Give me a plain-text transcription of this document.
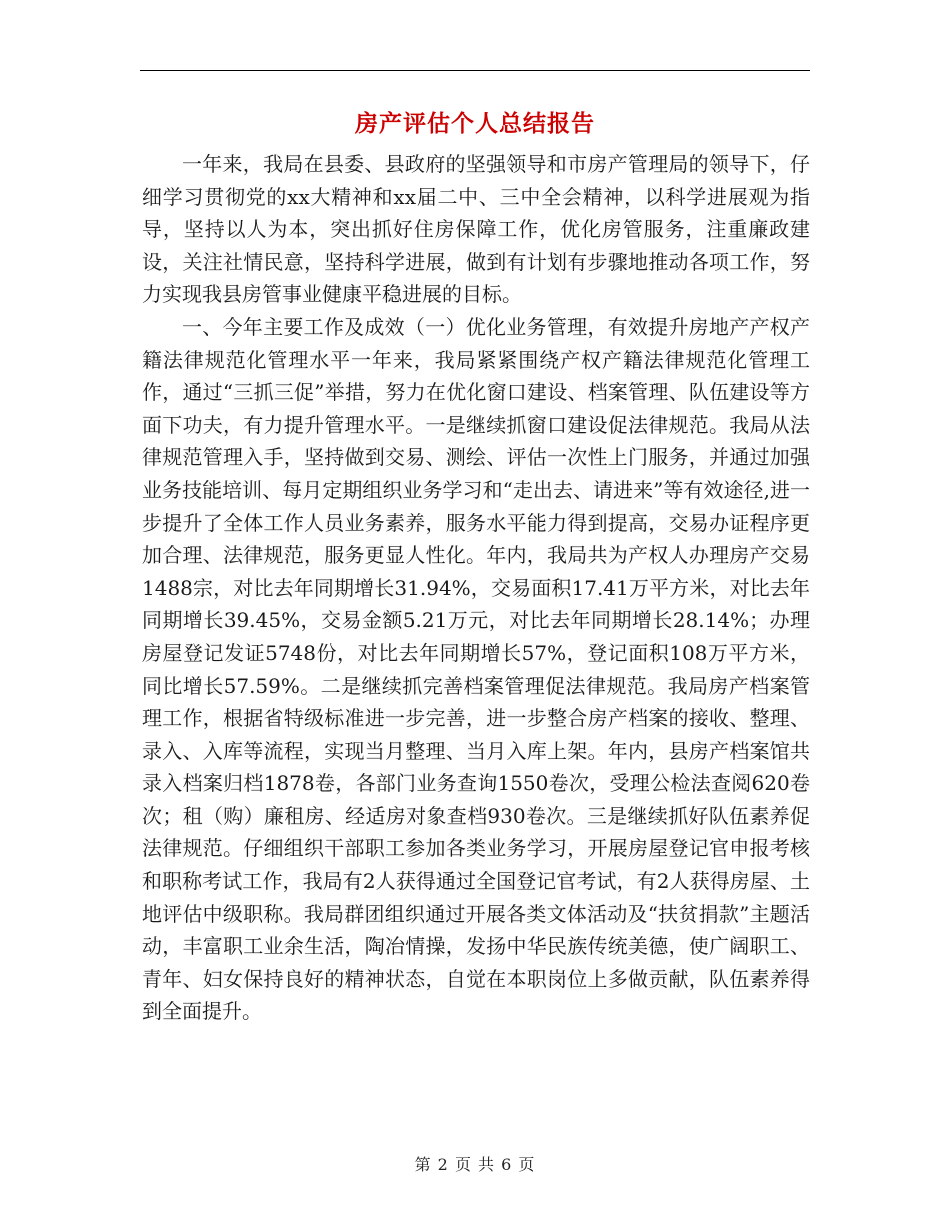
房产评估个人总结报告

一年来，我局在县委、县政府的坚强领导和市房产管理局的领导下，仔细学习贯彻党的xx大精神和xx届二中、三中全会精神，以科学进展观为指导，坚持以人为本，突出抓好住房保障工作，优化房管服务，注重廉政建设，关注社情民意，坚持科学进展，做到有计划有步骤地推动各项工作，努力实现我县房管事业健康平稳进展的目标。

一、今年主要工作及成效（一）优化业务管理，有效提升房地产产权产籍法律规范化管理水平一年来，我局紧紧围绕产权产籍法律规范化管理工作，通过“三抓三促”举措，努力在优化窗口建设、档案管理、队伍建设等方面下功夫，有力提升管理水平。一是继续抓窗口建设促法律规范。我局从法律规范管理入手，坚持做到交易、测绘、评估一次性上门服务，并通过加强业务技能培训、每月定期组织业务学习和“走出去、请进来”等有效途径,进一步提升了全体工作人员业务素养，服务水平能力得到提高，交易办证程序更加合理、法律规范，服务更显人性化。年内，我局共为产权人办理房产交易1488宗，对比去年同期增长31.94%，交易面积17.41万平方米，对比去年同期增长39.45%，交易金额5.21万元，对比去年同期增长28.14%；办理房屋登记发证5748份，对比去年同期增长57%，登记面积108万平方米，同比增长57.59%。二是继续抓完善档案管理促法律规范。我局房产档案管理工作，根据省特级标准进一步完善，进一步整合房产档案的接收、整理、录入、入库等流程，实现当月整理、当月入库上架。年内，县房产档案馆共录入档案归档1878卷，各部门业务查询1550卷次，受理公检法查阅620卷次；租（购）廉租房、经适房对象查档930卷次。三是继续抓好队伍素养促法律规范。仔细组织干部职工参加各类业务学习，开展房屋登记官申报考核和职称考试工作，我局有2人获得通过全国登记官考试，有2人获得房屋、土地评估中级职称。我局群团组织通过开展各类文体活动及“扶贫捐款”主题活动，丰富职工业余生活，陶冶情操，发扬中华民族传统美德，使广阔职工、青年、妇女保持良好的精神状态，自觉在本职岗位上多做贡献，队伍素养得到全面提升。

第 2 页 共 6 页
